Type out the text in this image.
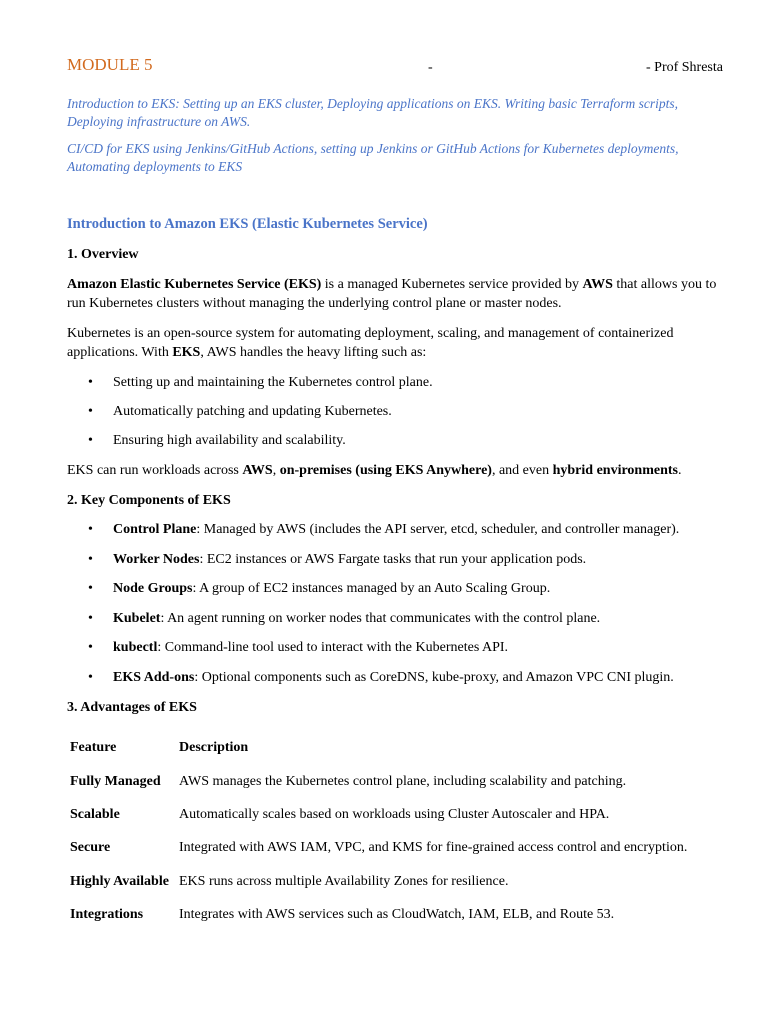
MODULE 5	-	- Prof Shresta
Introduction to EKS: Setting up an EKS cluster, Deploying applications on EKS. Writing basic Terraform scripts, Deploying infrastructure on AWS.
CI/CD for EKS using Jenkins/GitHub Actions, setting up Jenkins or GitHub Actions for Kubernetes deployments, Automating deployments to EKS
Introduction to Amazon EKS (Elastic Kubernetes Service)
1. Overview
Amazon Elastic Kubernetes Service (EKS) is a managed Kubernetes service provided by AWS that allows you to run Kubernetes clusters without managing the underlying control plane or master nodes.
Kubernetes is an open-source system for automating deployment, scaling, and management of containerized applications. With EKS, AWS handles the heavy lifting such as:
• Setting up and maintaining the Kubernetes control plane.
• Automatically patching and updating Kubernetes.
• Ensuring high availability and scalability.
EKS can run workloads across AWS, on-premises (using EKS Anywhere), and even hybrid environments.
2. Key Components of EKS
• Control Plane: Managed by AWS (includes the API server, etcd, scheduler, and controller manager).
• Worker Nodes: EC2 instances or AWS Fargate tasks that run your application pods.
• Node Groups: A group of EC2 instances managed by an Auto Scaling Group.
• Kubelet: An agent running on worker nodes that communicates with the control plane.
• kubectl: Command-line tool used to interact with the Kubernetes API.
• EKS Add-ons: Optional components such as CoreDNS, kube-proxy, and Amazon VPC CNI plugin.
3. Advantages of EKS
Feature	Description
Fully Managed	AWS manages the Kubernetes control plane, including scalability and patching.
Scalable	Automatically scales based on workloads using Cluster Autoscaler and HPA.
Secure	Integrated with AWS IAM, VPC, and KMS for fine-grained access control and encryption.
Highly Available	EKS runs across multiple Availability Zones for resilience.
Integrations	Integrates with AWS services such as CloudWatch, IAM, ELB, and Route 53.
